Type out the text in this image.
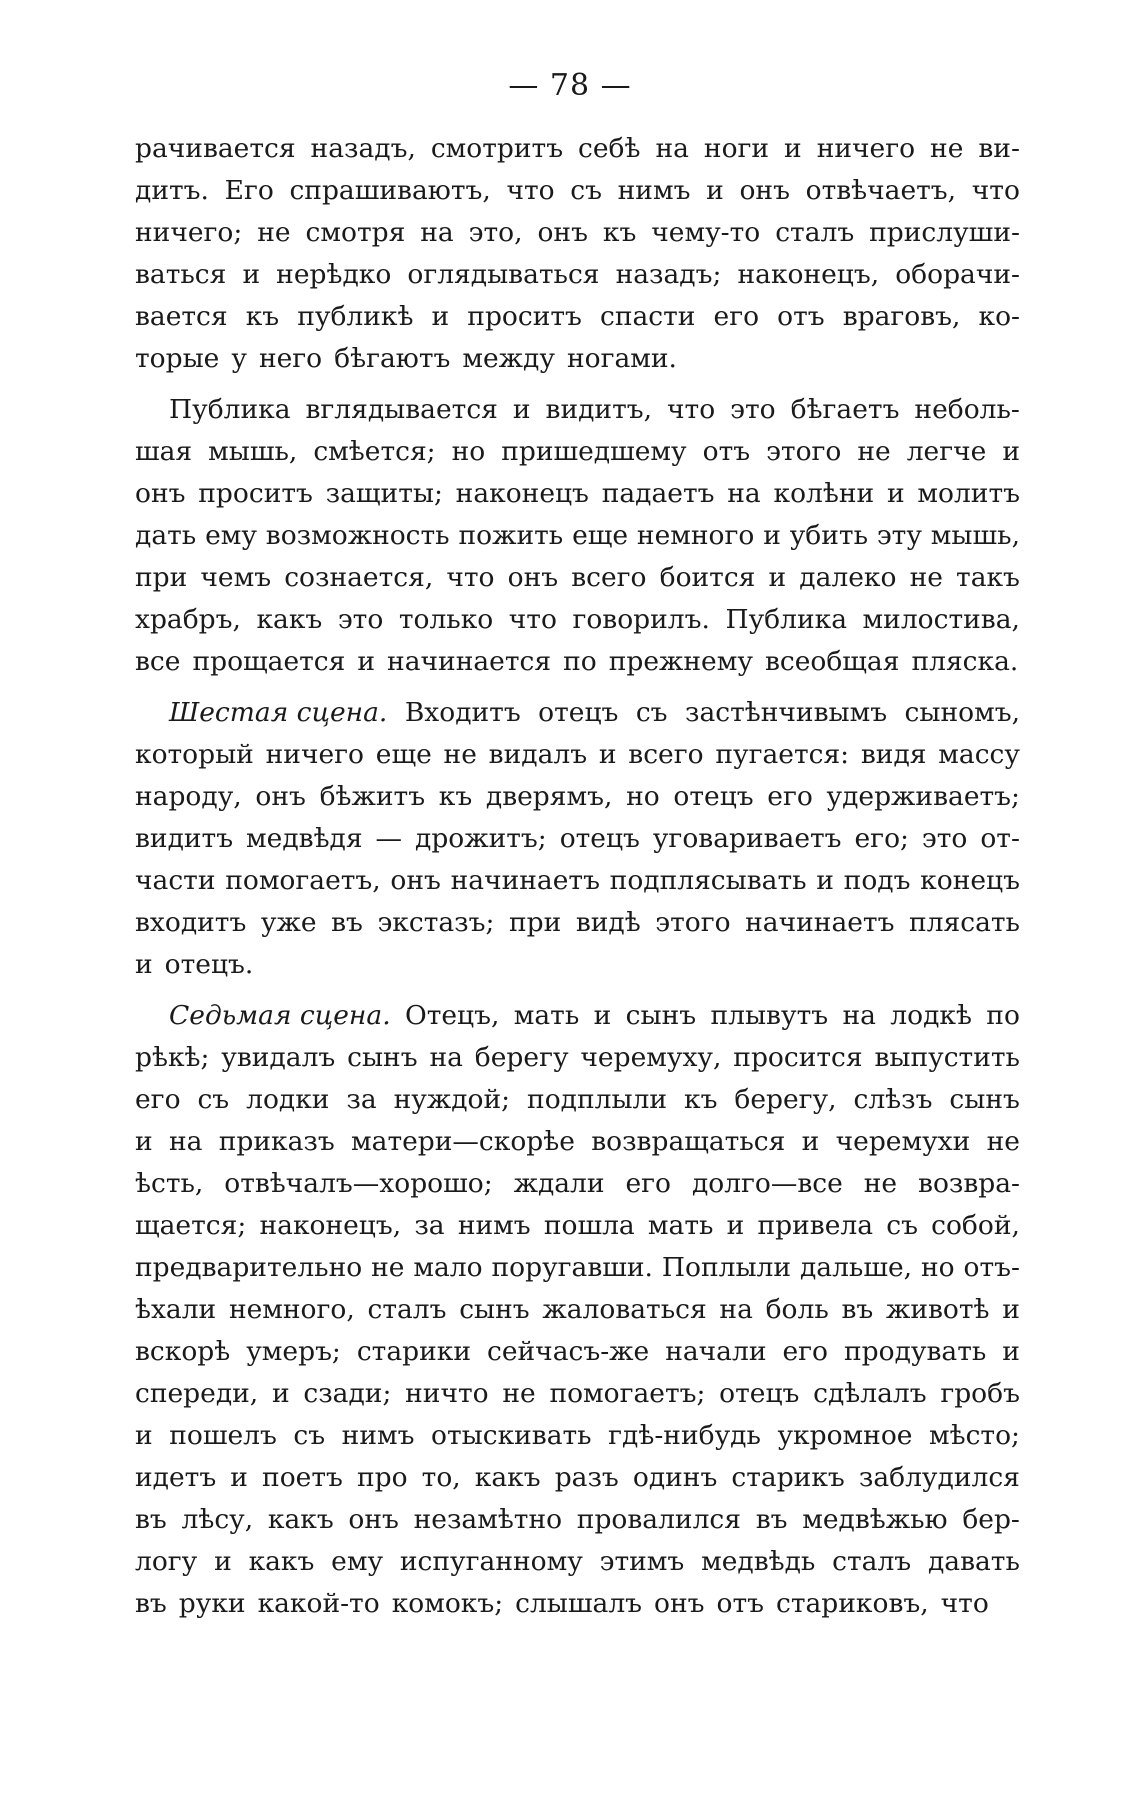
— 78 —
рачивается назадъ, смотритъ себѣ на ноги и ничего не ви-
дитъ. Его спрашиваютъ, что съ нимъ и онъ отвѣчаетъ, что
ничего; не смотря на это, онъ къ чему-то сталъ прислуши-
ваться и нерѣдко оглядываться назадъ; наконецъ, оборачи-
вается къ публикѣ и проситъ спасти его отъ враговъ, ко-
торые у него бѣгаютъ между ногами.
Публика вглядывается и видитъ, что это бѣгаетъ неболь-
шая мышь, смѣется; но пришедшему отъ этого не легче и
онъ проситъ защиты; наконецъ падаетъ на колѣни и молитъ
дать ему возможность пожить еще немного и убить эту мышь,
при чемъ сознается, что онъ всего боится и далеко не такъ
храбръ, какъ это только что говорилъ. Публика милостива,
все прощается и начинается по прежнему всеобщая пляска.
Шестая сцена. Входитъ отецъ съ застѣнчивымъ сыномъ,
который ничего еще не видалъ и всего пугается: видя массу
народу, онъ бѣжитъ къ дверямъ, но отецъ его удерживаетъ;
видитъ медвѣдя — дрожитъ; отецъ уговариваетъ его; это от-
части помогаетъ, онъ начинаетъ подплясывать и подъ конецъ
входитъ уже въ экстазъ; при видѣ этого начинаетъ плясать
и отецъ.
Седьмая сцена. Отецъ, мать и сынъ плывутъ на лодкѣ по
рѣкѣ; увидалъ сынъ на берегу черемуху, просится выпустить
его съ лодки за нуждой; подплыли къ берегу, слѣзъ сынъ
и на приказъ матери—скорѣе возвращаться и черемухи не
ѣсть, отвѣчалъ—хорошо; ждали его долго—все не возвра-
щается; наконецъ, за нимъ пошла мать и привела съ собой,
предварительно не мало поругавши. Поплыли дальше, но отъ-
ѣхали немного, сталъ сынъ жаловаться на боль въ животѣ и
вскорѣ умеръ; старики сейчасъ-же начали его продувать и
спереди, и сзади; ничто не помогаетъ; отецъ сдѣлалъ гробъ
и пошелъ съ нимъ отыскивать гдѣ-нибудь укромное мѣсто;
идетъ и поетъ про то, какъ разъ одинъ старикъ заблудился
въ лѣсу, какъ онъ незамѣтно провалился въ медвѣжью бер-
логу и какъ ему испуганному этимъ медвѣдь сталъ давать
въ руки какой-то комокъ; слышалъ онъ отъ стариковъ, что
